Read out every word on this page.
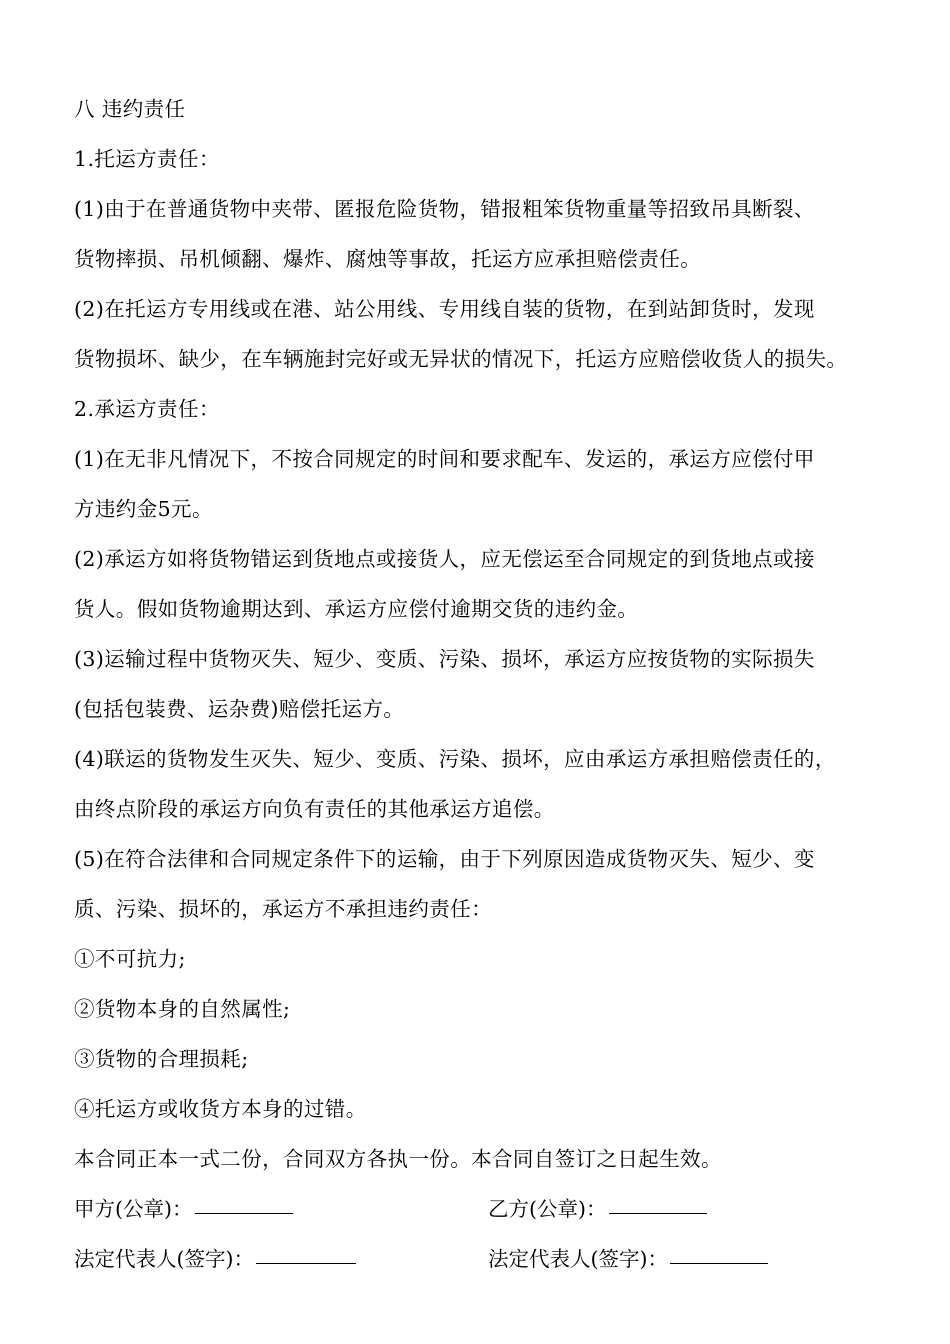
八 违约责任
1.托运方责任：
(1)由于在普通货物中夹带、匿报危险货物，错报粗笨货物重量等招致吊具断裂、
货物摔损、吊机倾翻、爆炸、腐烛等事故，托运方应承担赔偿责任。
(2)在托运方专用线或在港、站公用线、专用线自装的货物，在到站卸货时，发现
货物损坏、缺少，在车辆施封完好或无异状的情况下，托运方应赔偿收货人的损失。
2.承运方责任：
(1)在无非凡情况下，不按合同规定的时间和要求配车、发运的，承运方应偿付甲
方违约金5元。
(2)承运方如将货物错运到货地点或接货人，应无偿运至合同规定的到货地点或接
货人。假如货物逾期达到、承运方应偿付逾期交货的违约金。
(3)运输过程中货物灭失、短少、变质、污染、损坏，承运方应按货物的实际损失
(包括包装费、运杂费)赔偿托运方。
(4)联运的货物发生灭失、短少、变质、污染、损坏，应由承运方承担赔偿责任的，
由终点阶段的承运方向负有责任的其他承运方追偿。
(5)在符合法律和合同规定条件下的运输，由于下列原因造成货物灭失、短少、变
质、污染、损坏的，承运方不承担违约责任：
①不可抗力;
②货物本身的自然属性;
③货物的合理损耗;
④托运方或收货方本身的过错。
本合同正本一式二份，合同双方各执一份。本合同自签订之日起生效。
甲方(公章)：	乙方(公章)：
法定代表人(签字)：	法定代表人(签字)：
